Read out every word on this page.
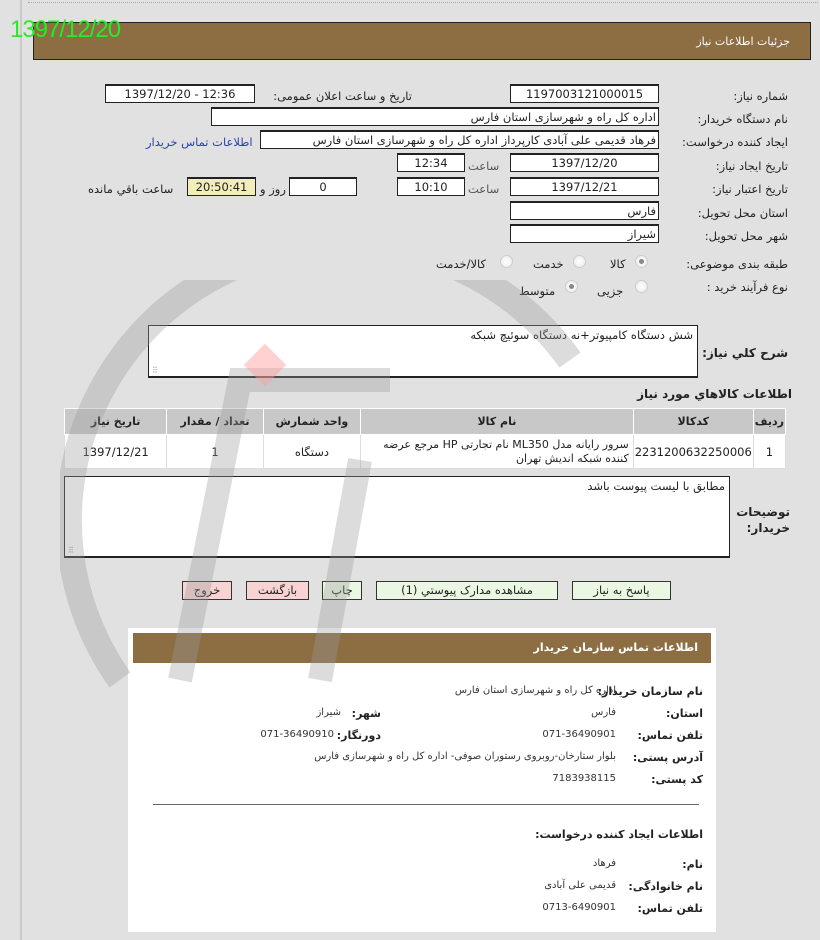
1397/12/20	جزئيات اطلاعات نياز
شماره نياز:
1197003121000015
تاريخ و ساعت اعلان عمومی:
1397/12/20 - 12:36
نام دستگاه خريدار:
اداره کل راه و شهرسازی استان فارس
ايجاد کننده درخواست:
فرهاد قديمی علی آبادی کارپرداز اداره کل راه و شهرسازی استان فارس
اطلاعات تماس خريدار
تاريخ ايجاد نياز:
1397/12/20
ساعت
12:34
تاريخ اعتبار نياز:
1397/12/21
ساعت
10:10
0
روز و
20:50:41
ساعت باقي مانده
استان محل تحويل:
فارس
شهر محل تحويل:
شيراز
طبقه بندی موضوعی:
کالا
خدمت
کالا/خدمت
نوع فرآيند خريد :
جزيی
متوسط
شرح کلي نياز:
شش دستگاه کامپيوتر+نه دستگاه سوئيچ شبکه
⠿
اطلاعات کالاهاي مورد نياز
رديف	کدکالا	نام کالا	واحد شمارش	تعداد / مقدار	تاريخ نياز
1	2231200632250006	سرور رايانه مدل ML350 نام تجارتی HP مرجع عرضه کننده شبکه انديش تهران	دستگاه	1	1397/12/21
توضيحات خريدار:
مطابق با ليست پيوست باشد
⠿
پاسخ به نياز
مشاهده مدارک پيوستي (1)
چاپ
بازگشت
خروج
اطلاعات تماس سازمان خريدار
نام سازمان خريدار:
اداره کل راه و شهرسازی استان فارس
استان:
فارس
شهر:
شيراز
تلفن تماس:
071-36490901
دورنگار:
071-36490910
آدرس پستی:
بلوار ستارخان-روبروی رستوران صوفی- اداره کل راه و شهرسازی فارس
کد پستی:
7183938115
اطلاعات ايجاد کننده درخواست:
نام:
فرهاد
نام خانوادگی:
قديمی علی آبادی
تلفن تماس:
0713-6490901
